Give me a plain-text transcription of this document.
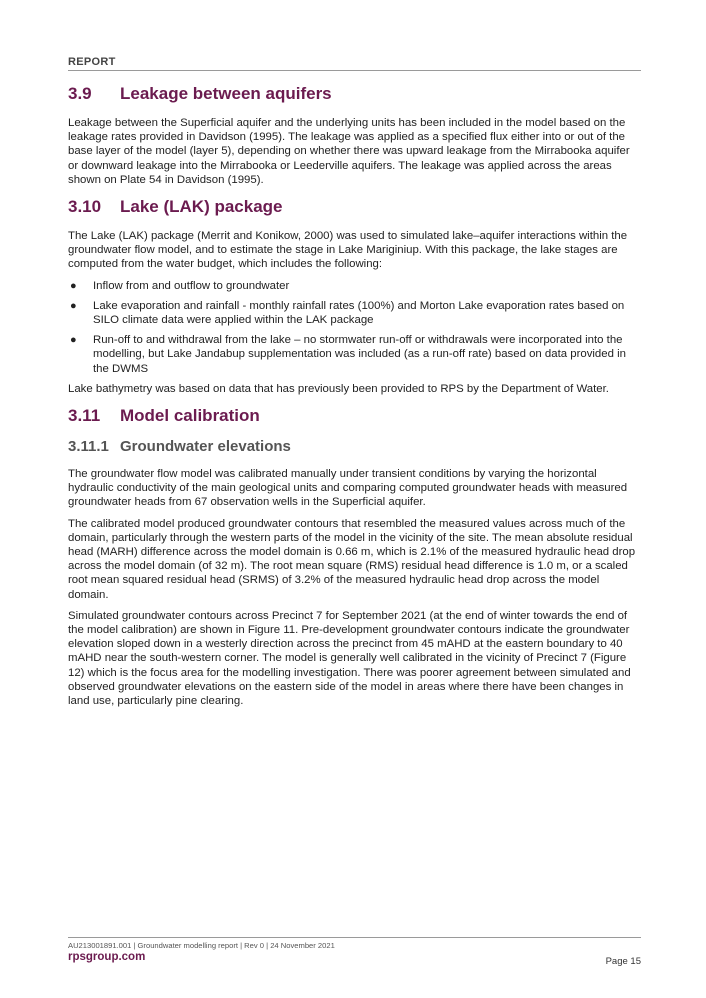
REPORT
3.9	Leakage between aquifers

Leakage between the Superficial aquifer and the underlying units has been included in the model based on the leakage rates provided in Davidson (1995). The leakage was applied as a specified flux either into or out of the base layer of the model (layer 5), depending on whether there was upward leakage from the Mirrabooka aquifer or downward leakage into the Mirrabooka or Leederville aquifers. The leakage was applied across the areas shown on Plate 54 in Davidson (1995).

3.10	Lake (LAK) package

The Lake (LAK) package (Merrit and Konikow, 2000) was used to simulated lake–aquifer interactions within the groundwater flow model, and to estimate the stage in Lake Mariginiup. With this package, the lake stages are computed from the water budget, which includes the following:

● Inflow from and outflow to groundwater
● Lake evaporation and rainfall - monthly rainfall rates (100%) and Morton Lake evaporation rates based on SILO climate data were applied within the LAK package
● Run-off to and withdrawal from the lake – no stormwater run-off or withdrawals were incorporated into the modelling, but Lake Jandabup supplementation was included (as a run-off rate) based on data provided in the DWMS

Lake bathymetry was based on data that has previously been provided to RPS by the Department of Water.

3.11	Model calibration
3.11.1 Groundwater elevations

The groundwater flow model was calibrated manually under transient conditions by varying the horizontal hydraulic conductivity of the main geological units and comparing computed groundwater heads with measured groundwater heads from 67 observation wells in the Superficial aquifer.

The calibrated model produced groundwater contours that resembled the measured values across much of the domain, particularly through the western parts of the model in the vicinity of the site. The mean absolute residual head (MARH) difference across the model domain is 0.66 m, which is 2.1% of the measured hydraulic head drop across the model domain (of 32 m). The root mean square (RMS) residual head difference is 1.0 m, or a scaled root mean squared residual head (SRMS) of 3.2% of the measured hydraulic head drop across the model domain.

Simulated groundwater contours across Precinct 7 for September 2021 (at the end of winter towards the end of the model calibration) are shown in Figure 11. Pre-development groundwater contours indicate the groundwater elevation sloped down in a westerly direction across the precinct from 45 mAHD at the eastern boundary to 40 mAHD near the south-western corner. The model is generally well calibrated in the vicinity of Precinct 7 (Figure 12) which is the focus area for the modelling investigation. There was poorer agreement between simulated and observed groundwater elevations on the eastern side of the model in areas where there have been changes in land use, particularly pine clearing.

AU213001891.001 | Groundwater modelling report | Rev 0 | 24 November 2021
rpsgroup.com	Page 15
